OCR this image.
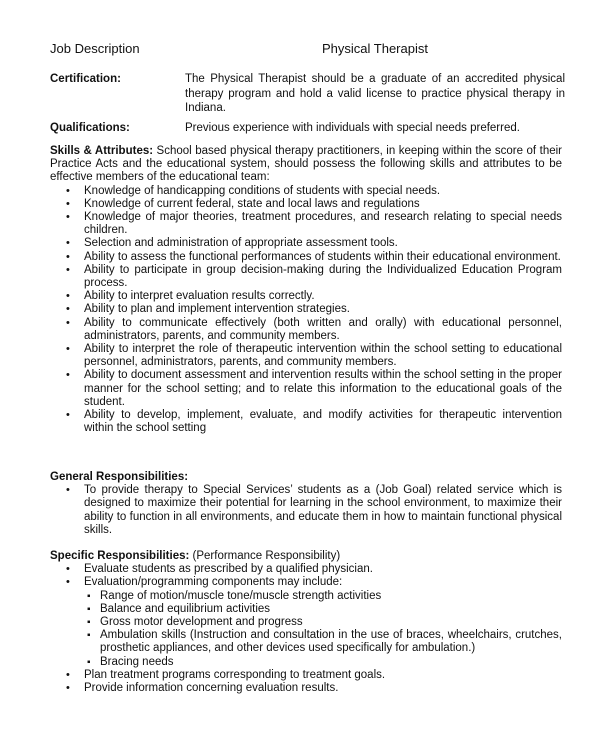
Job Description	Physical Therapist
Certification:	The Physical Therapist should be a graduate of an accredited physical therapy program and hold a valid license to practice physical therapy in Indiana.
Qualifications:	Previous experience with individuals with special needs preferred.
Skills & Attributes: School based physical therapy practitioners, in keeping within the score of their Practice Acts and the educational system, should possess the following skills and attributes to be effective members of the educational team:
• Knowledge of handicapping conditions of students with special needs.
• Knowledge of current federal, state and local laws and regulations
• Knowledge of major theories, treatment procedures, and research relating to special needs children.
• Selection and administration of appropriate assessment tools.
• Ability to assess the functional performances of students within their educational environment.
• Ability to participate in group decision-making during the Individualized Education Program process.
• Ability to interpret evaluation results correctly.
• Ability to plan and implement intervention strategies.
• Ability to communicate effectively (both written and orally) with educational personnel, administrators, parents, and community members.
• Ability to interpret the role of therapeutic intervention within the school setting to educational personnel, administrators, parents, and community members.
• Ability to document assessment and intervention results within the school setting in the proper manner for the school setting; and to relate this information to the educational goals of the student.
• Ability to develop, implement, evaluate, and modify activities for therapeutic intervention within the school setting
General Responsibilities:
• To provide therapy to Special Services’ students as a (Job Goal) related service which is designed to maximize their potential for learning in the school environment, to maximize their ability to function in all environments, and educate them in how to maintain functional physical skills.
Specific Responsibilities: (Performance Responsibility)
• Evaluate students as prescribed by a qualified physician.
• Evaluation/programming components may include:
▪ Range of motion/muscle tone/muscle strength activities
▪ Balance and equilibrium activities
▪ Gross motor development and progress
▪ Ambulation skills (Instruction and consultation in the use of braces, wheelchairs, crutches, prosthetic appliances, and other devices used specifically for ambulation.)
▪ Bracing needs
• Plan treatment programs corresponding to treatment goals.
• Provide information concerning evaluation results.
